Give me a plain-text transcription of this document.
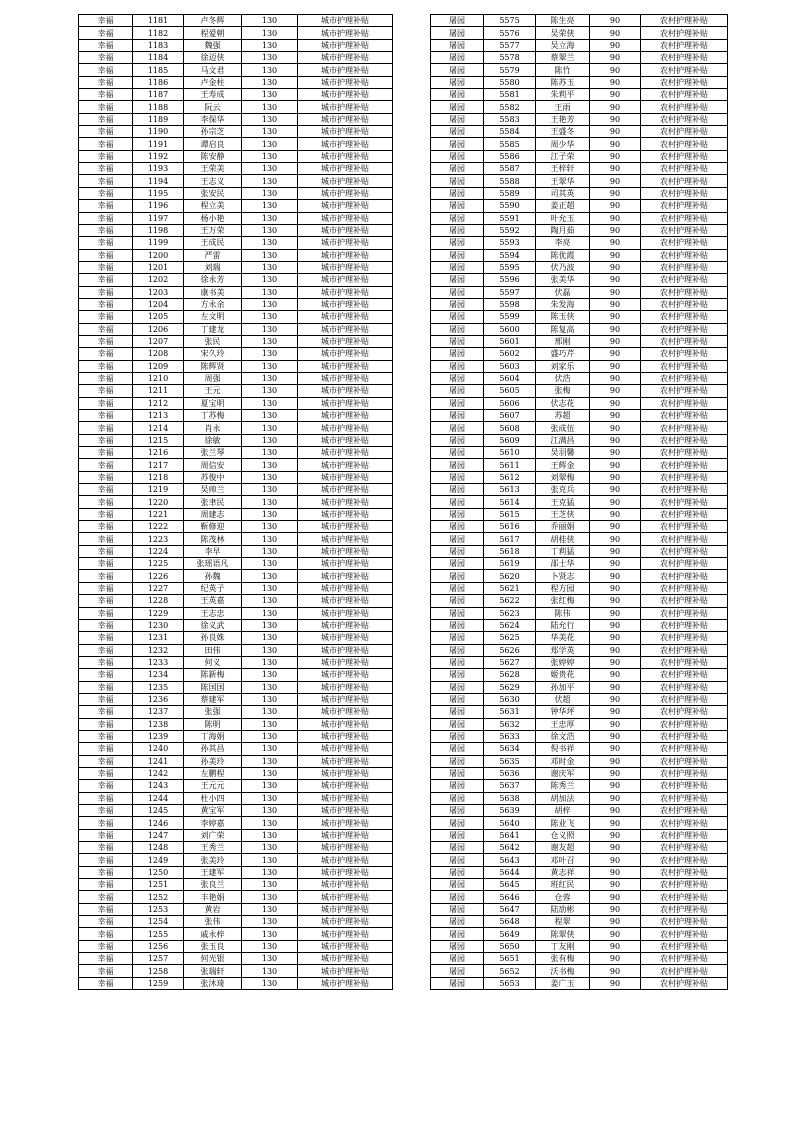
幸福	1181	卢冬辉	130	城市护理补贴
幸福	1182	程爱朝	130	城市护理补贴
幸福	1183	魏强	130	城市护理补贴
幸福	1184	徐迈侠	130	城市护理补贴
幸福	1185	马文君	130	城市护理补贴
幸福	1186	卢金柱	130	城市护理补贴
幸福	1187	王寿成	130	城市护理补贴
幸福	1188	阮云	130	城市护理补贴
幸福	1189	李保华	130	城市护理补贴
幸福	1190	孙宗芝	130	城市护理补贴
幸福	1191	谭启良	130	城市护理补贴
幸福	1192	陈安静	130	城市护理补贴
幸福	1193	王荣美	130	城市护理补贴
幸福	1194	王志义	130	城市护理补贴
幸福	1195	张安民	130	城市护理补贴
幸福	1196	程立美	130	城市护理补贴
幸福	1197	杨小艳	130	城市护理补贴
幸福	1198	王万荣	130	城市护理补贴
幸福	1199	王成民	130	城市护理补贴
幸福	1200	严雷	130	城市护理补贴
幸福	1201	刘瑞	130	城市护理补贴
幸福	1202	徐永芳	130	城市护理补贴
幸福	1203	康书美	130	城市护理补贴
幸福	1204	方永余	130	城市护理补贴
幸福	1205	左文明	130	城市护理补贴
幸福	1206	丁建龙	130	城市护理补贴
幸福	1207	张民	130	城市护理补贴
幸福	1208	宋久玲	130	城市护理补贴
幸福	1209	陈辉贤	130	城市护理补贴
幸福	1210	周强	130	城市护理补贴
幸福	1211	王元	130	城市护理补贴
幸福	1212	夏宝明	130	城市护理补贴
幸福	1213	丁苏梅	130	城市护理补贴
幸福	1214	肖永	130	城市护理补贴
幸福	1215	徐敏	130	城市护理补贴
幸福	1216	张兰琴	130	城市护理补贴
幸福	1217	周信安	130	城市护理补贴
幸福	1218	苏俊中	130	城市护理补贴
幸福	1219	吴帅兰	130	城市护理补贴
幸福	1220	张聿民	130	城市护理补贴
幸福	1221	周建志	130	城市护理补贴
幸福	1222	靳修迎	130	城市护理补贴
幸福	1223	陈茂林	130	城市护理补贴
幸福	1224	李早	130	城市护理补贴
幸福	1225	张瑶语凡	130	城市护理补贴
幸福	1226	孙魏	130	城市护理补贴
幸福	1227	纪英子	130	城市护理补贴
幸福	1228	王英嘉	130	城市护理补贴
幸福	1229	王志忠	130	城市护理补贴
幸福	1230	徐义武	130	城市护理补贴
幸福	1231	孙良姝	130	城市护理补贴
幸福	1232	田伟	130	城市护理补贴
幸福	1233	何义	130	城市护理补贴
幸福	1234	陈新梅	130	城市护理补贴
幸福	1235	陈国国	130	城市护理补贴
幸福	1236	蔡建军	130	城市护理补贴
幸福	1237	张强	130	城市护理补贴
幸福	1238	陈明	130	城市护理补贴
幸福	1239	丁海娟	130	城市护理补贴
幸福	1240	孙其昌	130	城市护理补贴
幸福	1241	孙美玲	130	城市护理补贴
幸福	1242	左鹏程	130	城市护理补贴
幸福	1243	王元元	130	城市护理补贴
幸福	1244	杜小四	130	城市护理补贴
幸福	1245	黄宝军	130	城市护理补贴
幸福	1246	李婷嘉	130	城市护理补贴
幸福	1247	刘广荣	130	城市护理补贴
幸福	1248	王秀兰	130	城市护理补贴
幸福	1249	张美玲	130	城市护理补贴
幸福	1250	王建军	130	城市护理补贴
幸福	1251	张良兰	130	城市护理补贴
幸福	1252	丰艳娟	130	城市护理补贴
幸福	1253	黄岩	130	城市护理补贴
幸福	1254	张伟	130	城市护理补贴
幸福	1255	戚永梓	130	城市护理补贴
幸福	1256	张玉良	130	城市护理补贴
幸福	1257	何光银	130	城市护理补贴
幸福	1258	张瑞轩	130	城市护理补贴
幸福	1259	张沐琦	130	城市护理补贴
屠园	5575	陈生亮	90	农村护理补贴
屠园	5576	吴荣侠	90	农村护理补贴
屠园	5577	吴立海	90	农村护理补贴
屠园	5578	蔡翠兰	90	农村护理补贴
屠园	5579	陈竹	90	农村护理补贴
屠园	5580	陈苏玉	90	农村护理补贴
屠园	5581	朱莉平	90	农村护理补贴
屠园	5582	王雨	90	农村护理补贴
屠园	5583	王艳芳	90	农村护理补贴
屠园	5584	王盛冬	90	农村护理补贴
屠园	5585	周少华	90	农村护理补贴
屠园	5586	江子荣	90	农村护理补贴
屠园	5587	王梓轩	90	农村护理补贴
屠园	5588	王翠华	90	农村护理补贴
屠园	5589	司其英	90	农村护理补贴
屠园	5590	姜正超	90	农村护理补贴
屠园	5591	叶允玉	90	农村护理补贴
屠园	5592	陶月茹	90	农村护理补贴
屠园	5593	李亮	90	农村护理补贴
屠园	5594	陈优霞	90	农村护理补贴
屠园	5595	伏乃波	90	农村护理补贴
屠园	5596	张美华	90	农村护理补贴
屠园	5597	伏磊	90	农村护理补贴
屠园	5598	朱发海	90	农村护理补贴
屠园	5599	陈玉侠	90	农村护理补贴
屠园	5600	陈复高	90	农村护理补贴
屠园	5601	邢刚	90	农村护理补贴
屠园	5602	盛巧芹	90	农村护理补贴
屠园	5603	刘家乐	90	农村护理补贴
屠园	5604	伏浩	90	农村护理补贴
屠园	5605	张梅	90	农村护理补贴
屠园	5606	伏志花	90	农村护理补贴
屠园	5607	苏超	90	农村护理补贴
屠园	5608	张成伍	90	农村护理补贴
屠园	5609	江满昌	90	农村护理补贴
屠园	5610	吴羽馨	90	农村护理补贴
屠园	5611	王辉金	90	农村护理补贴
屠园	5612	刘翠梅	90	农村护理补贴
屠园	5613	张克兵	90	农村护理补贴
屠园	5614	王克猛	90	农村护理补贴
屠园	5615	王芝侠	90	农村护理补贴
屠园	5616	乔丽娟	90	农村护理补贴
屠园	5617	胡桂侠	90	农村护理补贴
屠园	5618	丁莉猛	90	农村护理补贴
屠园	5619	邵士华	90	农村护理补贴
屠园	5620	卜贤志	90	农村护理补贴
屠园	5621	程方园	90	农村护理补贴
屠园	5622	张红梅	90	农村护理补贴
屠园	5623	陈伟	90	农村护理补贴
屠园	5624	陆允行	90	农村护理补贴
屠园	5625	华美花	90	农村护理补贴
屠园	5626	郑学英	90	农村护理补贴
屠园	5627	张婷婷	90	农村护理补贴
屠园	5628	姬贵花	90	农村护理补贴
屠园	5629	孙加平	90	农村护理补贴
屠园	5630	伏超	90	农村护理补贴
屠园	5631	钟华坪	90	农村护理补贴
屠园	5632	王忠厚	90	农村护理补贴
屠园	5633	徐文浩	90	农村护理补贴
屠园	5634	倪书祥	90	农村护理补贴
屠园	5635	邓时金	90	农村护理补贴
屠园	5636	谢庆军	90	农村护理补贴
屠园	5637	陈秀兰	90	农村护理补贴
屠园	5638	胡加法	90	农村护理补贴
屠园	5639	胡梓	90	农村护理补贴
屠园	5640	陈业飞	90	农村护理补贴
屠园	5641	仓义照	90	农村护理补贴
屠园	5642	谢友超	90	农村护理补贴
屠园	5643	邓叶召	90	农村护理补贴
屠园	5644	黄志祥	90	农村护理补贴
屠园	5645	班红民	90	农村护理补贴
屠园	5646	仓蓉	90	农村护理补贴
屠园	5647	陆劢彬	90	农村护理补贴
屠园	5648	程翠	90	农村护理补贴
屠园	5649	陈翠侠	90	农村护理补贴
屠园	5650	丁友刚	90	农村护理补贴
屠园	5651	张有梅	90	农村护理补贴
屠园	5652	沃书梅	90	农村护理补贴
屠园	5653	姜广玉	90	农村护理补贴
